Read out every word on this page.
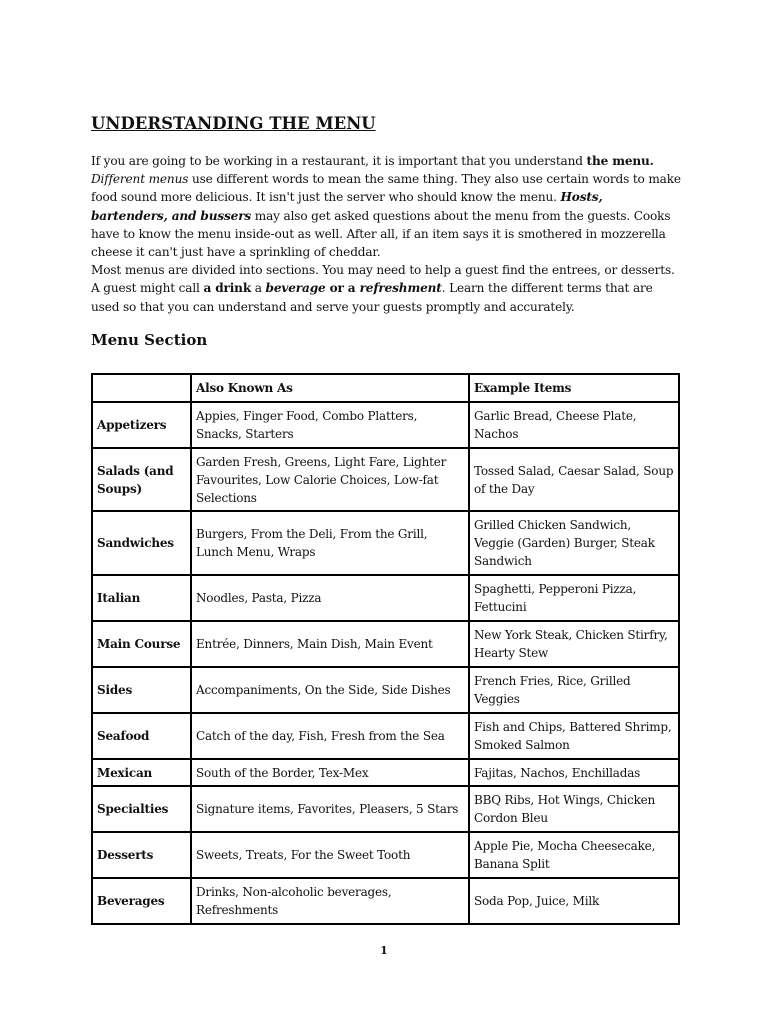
UNDERSTANDING THE MENU

If you are going to be working in a restaurant, it is important that you understand the menu. Different menus use different words to mean the same thing. They also use certain words to make food sound more delicious. It isn't just the server who should know the menu. Hosts, bartenders, and bussers may also get asked questions about the menu from the guests. Cooks have to know the menu inside-out as well. After all, if an item says it is smothered in mozzerella cheese it can't just have a sprinkling of cheddar.

Most menus are divided into sections. You may need to help a guest find the entrees, or desserts. A guest might call a drink a beverage or a refreshment. Learn the different terms that are used so that you can understand and serve your guests promptly and accurately.

Menu Section
	Also Known As	Example Items
Appetizers	Appies, Finger Food, Combo Platters, Snacks, Starters	Garlic Bread, Cheese Plate, Nachos
Salads (and Soups)	Garden Fresh, Greens, Light Fare, Lighter Favourites, Low Calorie Choices, Low-fat Selections	Tossed Salad, Caesar Salad, Soup of the Day
Sandwiches	Burgers, From the Deli, From the Grill, Lunch Menu, Wraps	Grilled Chicken Sandwich, Veggie (Garden) Burger, Steak Sandwich
Italian	Noodles, Pasta, Pizza	Spaghetti, Pepperoni Pizza, Fettucini
Main Course	Entrée, Dinners, Main Dish, Main Event	New York Steak, Chicken Stirfry, Hearty Stew
Sides	Accompaniments, On the Side, Side Dishes	French Fries, Rice, Grilled Veggies
Seafood	Catch of the day, Fish, Fresh from the Sea	Fish and Chips, Battered Shrimp, Smoked Salmon
Mexican	South of the Border, Tex-Mex	Fajitas, Nachos, Enchilladas
Specialties	Signature items, Favorites, Pleasers, 5 Stars	BBQ Ribs, Hot Wings, Chicken Cordon Bleu
Desserts	Sweets, Treats, For the Sweet Tooth	Apple Pie, Mocha Cheesecake, Banana Split
Beverages	Drinks, Non-alcoholic beverages, Refreshments	Soda Pop, Juice, Milk
1
